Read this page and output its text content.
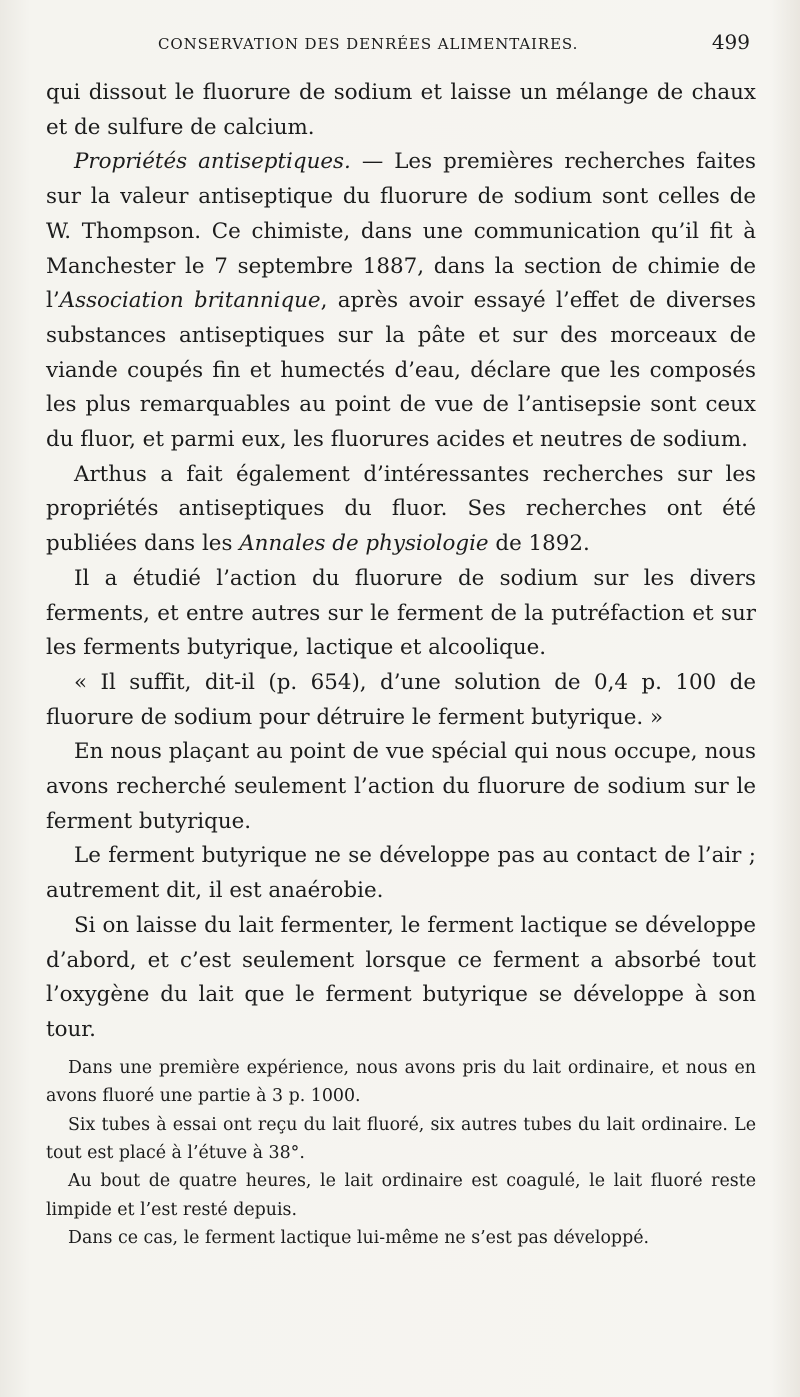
CONSERVATION DES DENRÉES ALIMENTAIRES.	499

qui dissout le fluorure de sodium et laisse un mélange de chaux et de sulfure de calcium.

Propriétés antiseptiques. — Les premières recherches faites sur la valeur antiseptique du fluorure de sodium sont celles de W. Thompson. Ce chimiste, dans une communication qu’il fit à Manchester le 7 septembre 1887, dans la section de chimie de l’Association britannique, après avoir essayé l’effet de diverses substances antiseptiques sur la pâte et sur des morceaux de viande coupés fin et humectés d’eau, déclare que les composés les plus remarquables au point de vue de l’antisepsie sont ceux du fluor, et parmi eux, les fluorures acides et neutres de sodium.

Arthus a fait également d’intéressantes recherches sur les propriétés antiseptiques du fluor. Ses recherches ont été publiées dans les Annales de physiologie de 1892.

Il a étudié l’action du fluorure de sodium sur les divers ferments, et entre autres sur le ferment de la putréfaction et sur les ferments butyrique, lactique et alcoolique.

« Il suffit, dit-il (p. 654), d’une solution de 0,4 p. 100 de fluorure de sodium pour détruire le ferment butyrique. »

En nous plaçant au point de vue spécial qui nous occupe, nous avons recherché seulement l’action du fluorure de sodium sur le ferment butyrique.

Le ferment butyrique ne se développe pas au contact de l’air ; autrement dit, il est anaérobie.

Si on laisse du lait fermenter, le ferment lactique se développe d’abord, et c’est seulement lorsque ce ferment a absorbé tout l’oxygène du lait que le ferment butyrique se développe à son tour.

Dans une première expérience, nous avons pris du lait ordinaire, et nous en avons fluoré une partie à 3 p. 1000.

Six tubes à essai ont reçu du lait fluoré, six autres tubes du lait ordinaire. Le tout est placé à l’étuve à 38°.

Au bout de quatre heures, le lait ordinaire est coagulé, le lait fluoré reste limpide et l’est resté depuis.

Dans ce cas, le ferment lactique lui-même ne s’est pas développé.
